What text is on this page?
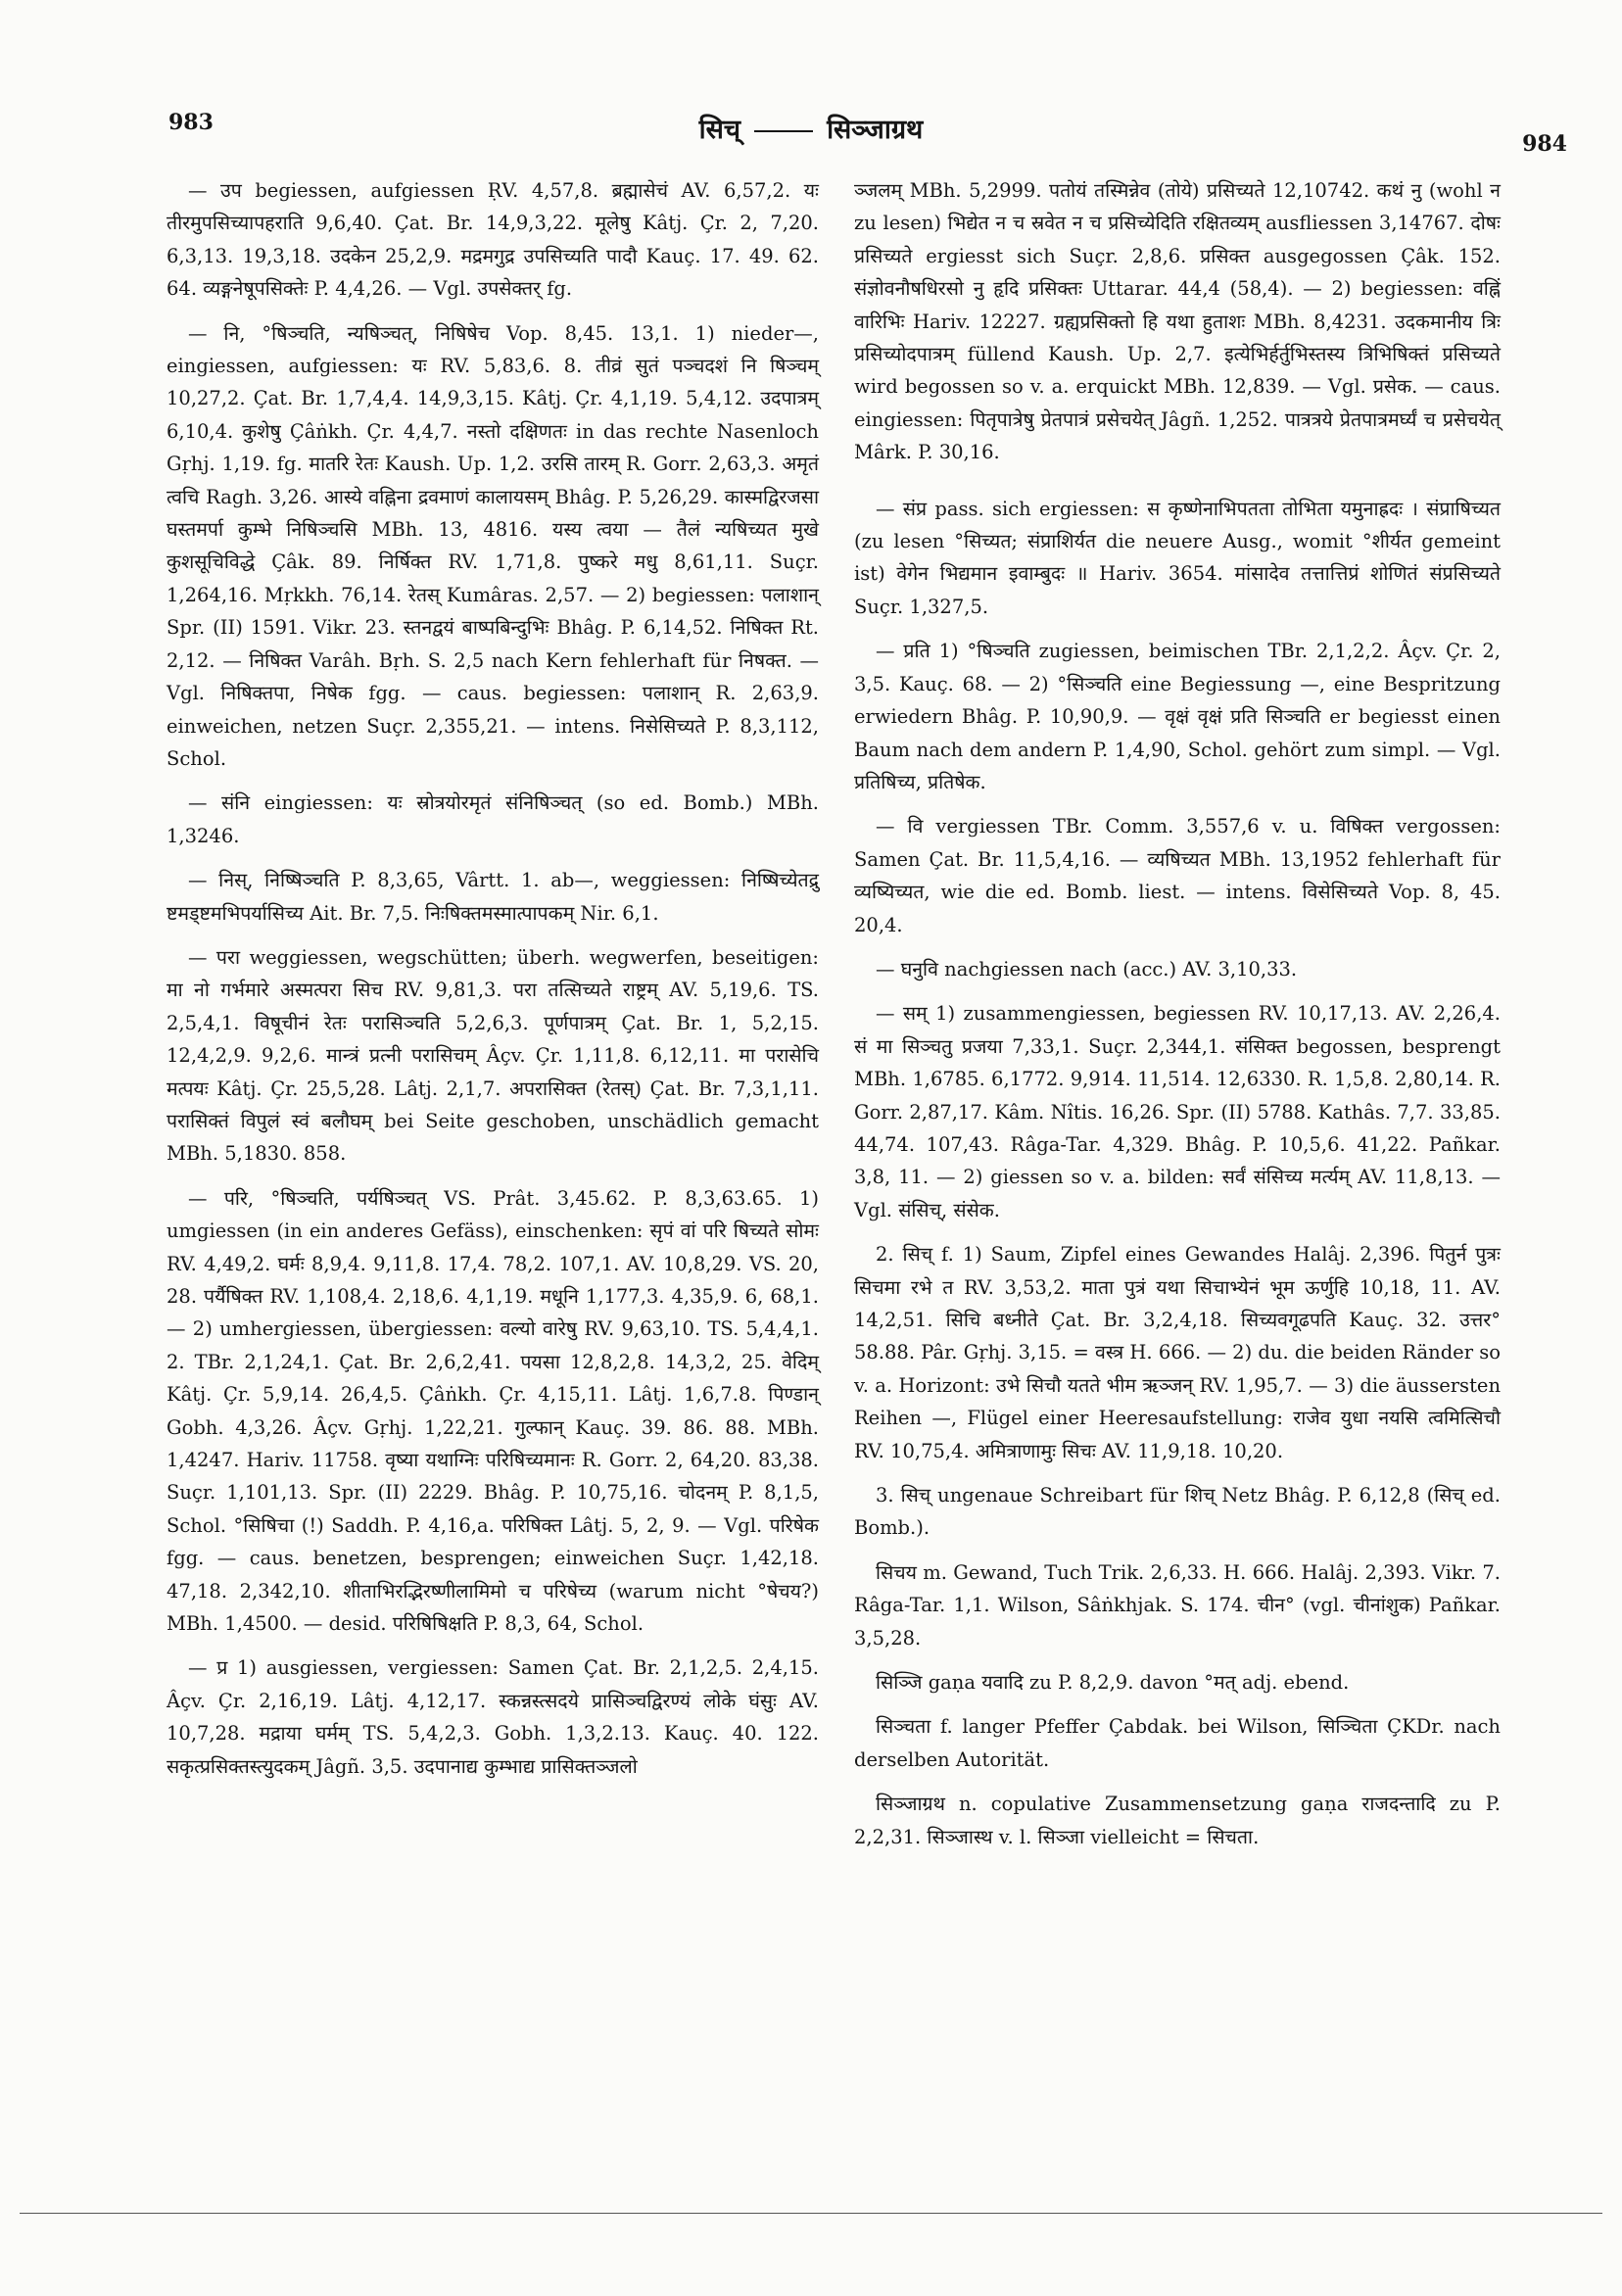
983	सिच्	सिञ्जाग्रथ	984

— उप begiessen, aufgiessen ṚV. 4,57,8. ब्रह्मासेचं AV. 6,57,2. यः तीरमुपसिच्यापहराति 9,6,40. Çat. Br. 14,9,3,22. मूलेषु Kâtj. Çr. 2, 7,20. 6,3,13. 19,3,18. उदकेन 25,2,9. मद्रमगुद्र उपसिच्यति पादौ Kauç. 17. 49. 62. 64. व्यङ्गनेषूपसिक्तेः P. 4,4,26. — Vgl. उपसेक्तर् fg.

— नि, °षिञ्चति, न्यषिञ्चत्, निषिषेच Vop. 8,45. 13,1. 1) nieder—, eingiessen, aufgiessen: यः RV. 5,83,6. 8. तीव्रं सुतं पञ्चदशं नि षिञ्चम् 10,27,2. Çat. Br. 1,7,4,4. 14,9,3,15. Kâtj. Çr. 4,1,19. 5,4,12. उदपात्रम् 6,10,4. कुशेषु Çâṅkh. Çr. 4,4,7. नस्तो दक्षिणतः in das rechte Nasenloch Gṛhj. 1,19. fg. मातरि रेतः Kaush. Up. 1,2. उरसि तारम् R. Gorr. 2,63,3. अमृतं त्वचि Ragh. 3,26. आस्ये वह्निना द्रवमाणं कालायसम् Bhâg. P. 5,26,29. कास्मद्विरजसा घस्तमर्पा कुम्भे निषिञ्चसि MBh. 13, 4816. यस्य त्वया — तैलं न्यषिच्यत मुखे कुशसूचिविद्धे Çâk. 89. निर्षिक्त RV. 1,71,8. पुष्करे मधु 8,61,11. Suçr. 1,264,16. Mṛkkh. 76,14. रेतस् Kumâras. 2,57. — 2) begiessen: पलाशान् Spr. (II) 1591. Vikr. 23. स्तनद्वयं बाष्पबिन्दुभिः Bhâg. P. 6,14,52. निषिक्त Rt. 2,12. — निषिक्त Varâh. Bṛh. S. 2,5 nach Kern fehlerhaft für निषक्त. — Vgl. निषिक्तपा, निषेक fgg. — caus. begiessen: पलाशान् R. 2,63,9. einweichen, netzen Suçr. 2,355,21. — intens. निसेसिच्यते P. 8,3,112, Schol.

— संनि eingiessen: यः स्रोत्रयोरमृतं संनिषिञ्चत् (so ed. Bomb.) MBh. 1,3246.

— निस्, निष्षिञ्चति P. 8,3,65, Vârtt. 1. ab—, weggiessen: निष्षिच्येतद्रु ष्टमड्ष्टमभिपर्यासिच्य Ait. Br. 7,5. निःषिक्तमस्मात्पापकम् Nir. 6,1.

— परा weggiessen, wegschütten; überh. wegwerfen, beseitigen: मा नो गर्भमारे अस्मत्परा सिच RV. 9,81,3. परा तत्सिच्यते राष्ट्रम् AV. 5,19,6. TS. 2,5,4,1. विषूचीनं रेतः परासिञ्चति 5,2,6,3. पूर्णपात्रम् Çat. Br. 1, 5,2,15. 12,4,2,9. 9,2,6. मान्त्रं प्रत्नी परासिचम् Âçv. Çr. 1,11,8. 6,12,11. मा परासेचि मत्पयः Kâtj. Çr. 25,5,28. Lâtj. 2,1,7. अपरासिक्त (रेतस्) Çat. Br. 7,3,1,11. परासिक्तं विपुलं स्वं बलौघम् bei Seite geschoben, unschädlich gemacht MBh. 5,1830. 858.

— परि, °षिञ्चति, पर्यषिञ्चत् VS. Prât. 3,45.62. P. 8,3,63.65. 1) umgiessen (in ein anderes Gefäss), einschenken: सृपं वां परि षिच्यते सोमः RV. 4,49,2. घर्मः 8,9,4. 9,11,8. 17,4. 78,2. 107,1. AV. 10,8,29. VS. 20, 28. पर्यैषिक्त RV. 1,108,4. 2,18,6. 4,1,19. मधूनि 1,177,3. 4,35,9. 6, 68,1. — 2) umhergiessen, übergiessen: वल्यो वारेषु RV. 9,63,10. TS. 5,4,4,1. 2. TBr. 2,1,24,1. Çat. Br. 2,6,2,41. पयसा 12,8,2,8. 14,3,2, 25. वेदिम् Kâtj. Çr. 5,9,14. 26,4,5. Çâṅkh. Çr. 4,15,11. Lâtj. 1,6,7.8. पिण्डान् Gobh. 4,3,26. Âçv. Gṛhj. 1,22,21. गुल्फान् Kauç. 39. 86. 88. MBh. 1,4247. Hariv. 11758. वृष्या यथाग्निः परिषिच्यमानः R. Gorr. 2, 64,20. 83,38. Suçr. 1,101,13. Spr. (II) 2229. Bhâg. P. 10,75,16. चोदनम् P. 8,1,5, Schol. °सिषिचा (!) Saddh. P. 4,16,a. परिषिक्त Lâtj. 5, 2, 9. — Vgl. परिषेक fgg. — caus. benetzen, besprengen; einweichen Suçr. 1,42,18. 47,18. 2,342,10. शीताभिरद्भिरष्णीलामिमो च परिषेच्य (warum nicht °षेचय?) MBh. 1,4500. — desid. परिषिषिक्षति P. 8,3, 64, Schol.

— प्र 1) ausgiessen, vergiessen: Samen Çat. Br. 2,1,2,5. 2,4,15. Âçv. Çr. 2,16,19. Lâtj. 4,12,17. स्कन्नस्त्सदये प्रासिञ्चद्विरण्यं लोके घंसुः AV. 10,7,28. मद्राया घर्मम् TS. 5,4,2,3. Gobh. 1,3,2.13. Kauç. 40. 122. सकृत्प्रसिक्तस्त्युदकम् Jâgñ. 3,5. उदपानाद्य कुम्भाद्य प्रासिक्तञ्जलो

ञ्जलम् MBh. 5,2999. पतोयं तस्मिन्नेव (तोये) प्रसिच्यते 12,10742. कथं नु (wohl न zu lesen) भिद्येत न च स्रवेत न च प्रसिच्येदिति रक्षितव्यम् ausfliessen 3,14767. दोषः प्रसिच्यते ergiesst sich Suçr. 2,8,6. प्रसिक्त ausgegossen Çâk. 152. संज्ञोवनौषधिरसो नु हृदि प्रसिक्तः Uttarar. 44,4 (58,4). — 2) begiessen: वह्निं वारिभिः Hariv. 12227. ग्रह्यप्रसिक्तो हि यथा हुताशः MBh. 8,4231. उदकमानीय त्रिः प्रसिच्योदपात्रम् füllend Kaush. Up. 2,7. इत्येभिर्हर्तुभिस्तस्य त्रिभिषिक्तं प्रसिच्यते wird begossen so v. a. erquickt MBh. 12,839. — Vgl. प्रसेक. — caus. eingiessen: पितृपात्रेषु प्रेतपात्रं प्रसेचयेत् Jâgñ. 1,252. पात्रत्रये प्रेतपात्रमर्घ्यं च प्रसेचयेत् Mârk. P. 30,16.

— संप्र pass. sich ergiessen: स कृष्णेनाभिपतता तोभिता यमुनाह्रदः । संप्राषिच्यत (zu lesen °सिच्यत; संप्राशिर्यत die neuere Ausg., womit °शीर्यत gemeint ist) वेगेन भिद्यमान इवाम्बुदः ॥ Hariv. 3654. मांसादेव तत्तात्तिप्रं शोणितं संप्रसिच्यते Suçr. 1,327,5.

— प्रति 1) °षिञ्चति zugiessen, beimischen TBr. 2,1,2,2. Âçv. Çr. 2, 3,5. Kauç. 68. — 2) °सिञ्चति eine Begiessung —, eine Bespritzung erwiedern Bhâg. P. 10,90,9. — वृक्षं वृक्षं प्रति सिञ्चति er begiesst einen Baum nach dem andern P. 1,4,90, Schol. gehört zum simpl. — Vgl. प्रतिषिच्य, प्रतिषेक.

— वि vergiessen TBr. Comm. 3,557,6 v. u. विषिक्त vergossen: Samen Çat. Br. 11,5,4,16. — व्यषिच्यत MBh. 13,1952 fehlerhaft für व्यष्यिच्यत, wie die ed. Bomb. liest. — intens. विसेसिच्यते Vop. 8, 45. 20,4.

— घनुवि nachgiessen nach (acc.) AV. 3,10,33.

— सम् 1) zusammengiessen, begiessen RV. 10,17,13. AV. 2,26,4. सं मा सिञ्चतु प्रजया 7,33,1. Suçr. 2,344,1. संसिक्त begossen, besprengt MBh. 1,6785. 6,1772. 9,914. 11,514. 12,6330. R. 1,5,8. 2,80,14. R. Gorr. 2,87,17. Kâm. Nîtis. 16,26. Spr. (II) 5788. Kathâs. 7,7. 33,85. 44,74. 107,43. Râga-Tar. 4,329. Bhâg. P. 10,5,6. 41,22. Pañkar. 3,8, 11. — 2) giessen so v. a. bilden: सर्वं संसिच्य मर्त्यम् AV. 11,8,13. — Vgl. संसिच्, संसेक.

2. सिच् f. 1) Saum, Zipfel eines Gewandes Halâj. 2,396. पितुर्न पुत्रः सिचमा रभे त RV. 3,53,2. माता पुत्रं यथा सिचाभ्येनं भूम ऊर्णुहि 10,18, 11. AV. 14,2,51. सिचि बध्नीते Çat. Br. 3,2,4,18. सिच्यवगूढपति Kauç. 32. उत्तर° 58.88. Pâr. Gṛhj. 3,15. = वस्त्र H. 666. — 2) du. die beiden Ränder so v. a. Horizont: उभे सिचौ यतते भीम ऋञ्जन् RV. 1,95,7. — 3) die äussersten Reihen —, Flügel einer Heeresaufstellung: राजेव युधा नयसि त्वमित्सिचौ RV. 10,75,4. अमित्राणामुः सिचः AV. 11,9,18. 10,20.

3. सिच् ungenaue Schreibart für शिच् Netz Bhâg. P. 6,12,8 (सिच् ed. Bomb.).

सिचय m. Gewand, Tuch Trik. 2,6,33. H. 666. Halâj. 2,393. Vikr. 7. Râga-Tar. 1,1. Wilson, Sâṅkhjak. S. 174. चीन° (vgl. चीनांशुक) Pañkar. 3,5,28.

सिञ्जि gaṇa यवादि zu P. 8,2,9. davon °मत् adj. ebend.

सिञ्चता f. langer Pfeffer Çabdak. bei Wilson, सिञ्चिता ÇKDr. nach derselben Autorität.

सिञ्जाग्रथ n. copulative Zusammensetzung gaṇa राजदन्तादि zu P. 2,2,31. सिञ्जास्थ v. l. सिञ्जा vielleicht = सिचता.
